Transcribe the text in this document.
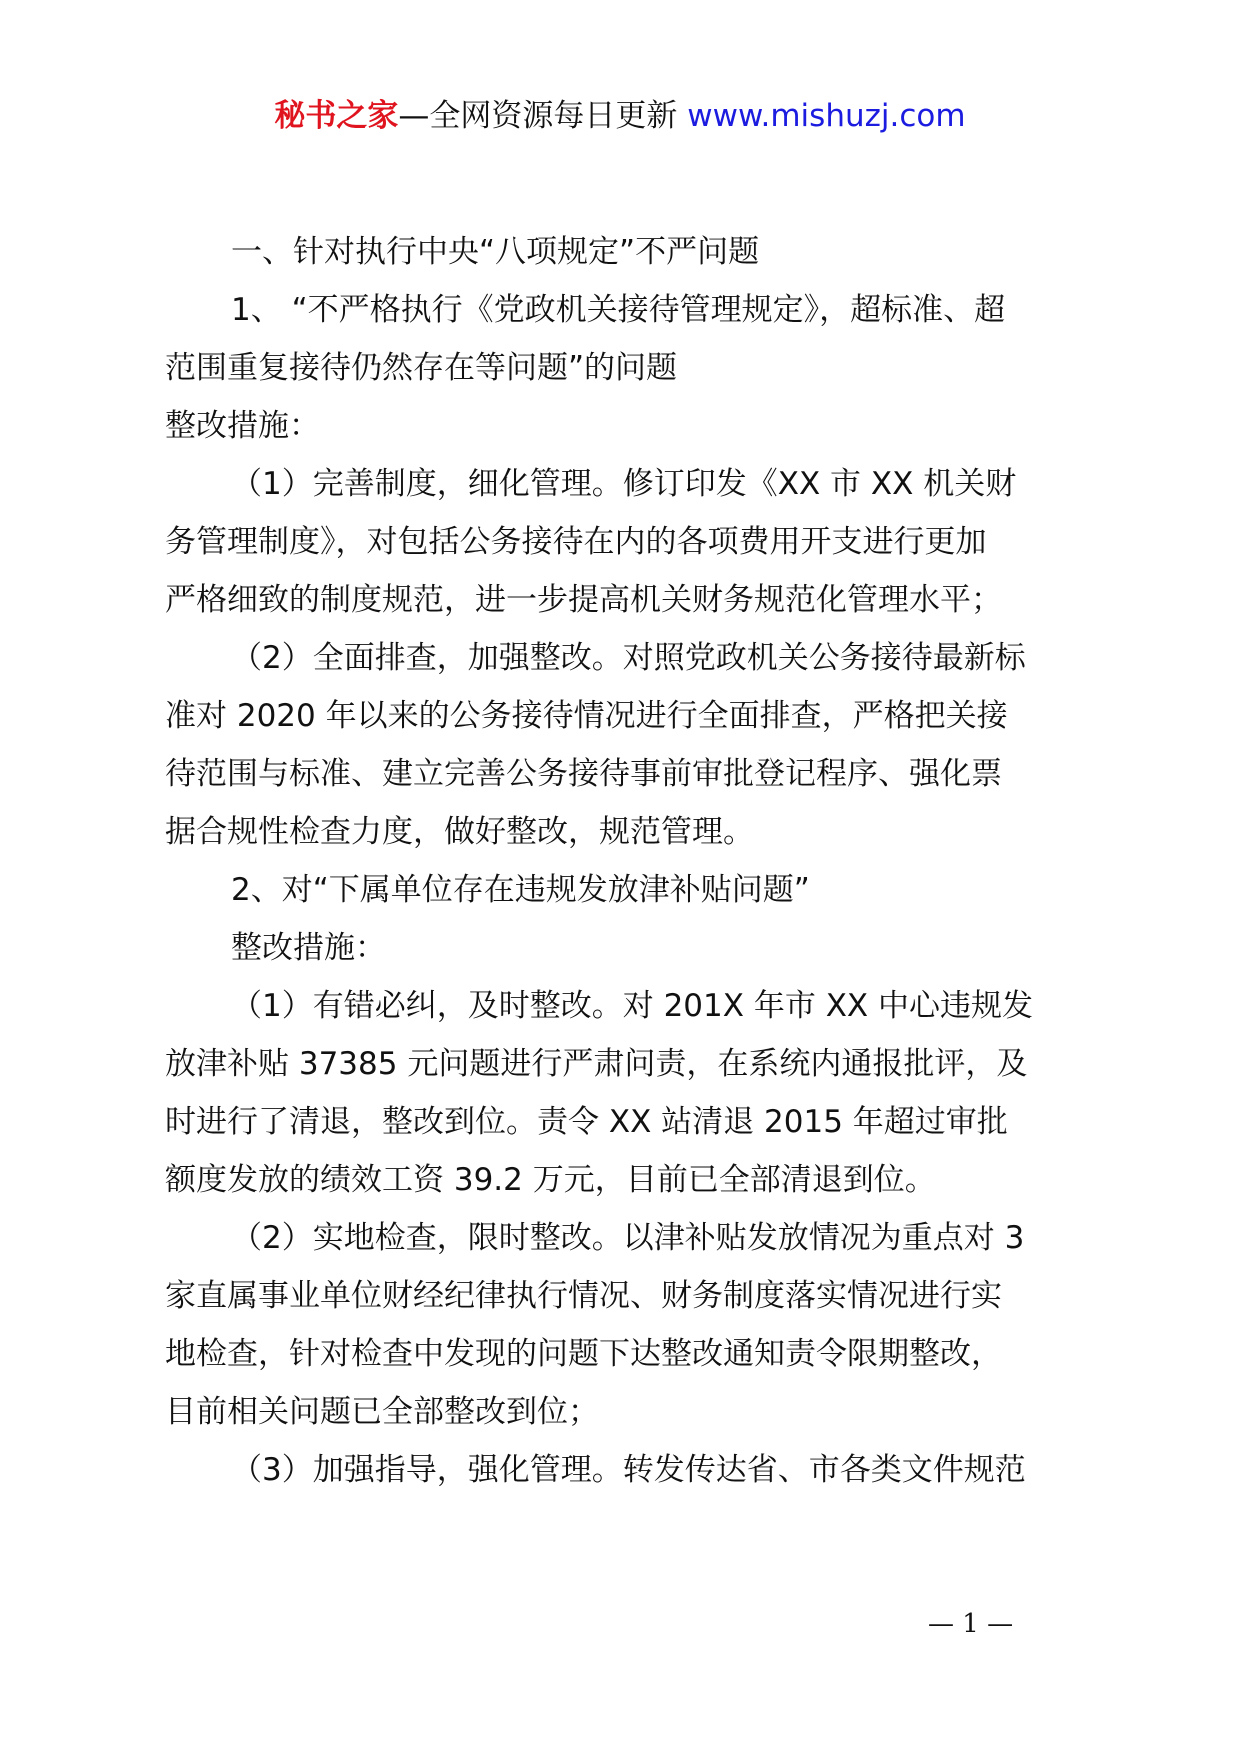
秘书之家—全网资源每日更新 www.mishuzj.com

一、针对执行中央“八项规定”不严问题

1、 “不严格执行《党政机关接待管理规定》，超标准、超

范围重复接待仍然存在等问题”的问题

整改措施：

（1）完善制度，细化管理。修订印发《XX 市 XX 机关财

务管理制度》，对包括公务接待在内的各项费用开支进行更加

严格细致的制度规范，进一步提高机关财务规范化管理水平；

（2）全面排查，加强整改。对照党政机关公务接待最新标

准对 2020 年以来的公务接待情况进行全面排查，严格把关接

待范围与标准、建立完善公务接待事前审批登记程序、强化票

据合规性检查力度，做好整改，规范管理。

2、对“下属单位存在违规发放津补贴问题”

整改措施：

（1）有错必纠，及时整改。对 201X 年市 XX 中心违规发

放津补贴 37385 元问题进行严肃问责，在系统内通报批评，及

时进行了清退，整改到位。责令 XX 站清退 2015 年超过审批

额度发放的绩效工资 39.2 万元，目前已全部清退到位。

（2）实地检查，限时整改。以津补贴发放情况为重点对 3

家直属事业单位财经纪律执行情况、财务制度落实情况进行实

地检查，针对检查中发现的问题下达整改通知责令限期整改，

目前相关问题已全部整改到位；

（3）加强指导，强化管理。转发传达省、市各类文件规范

— 1 —
